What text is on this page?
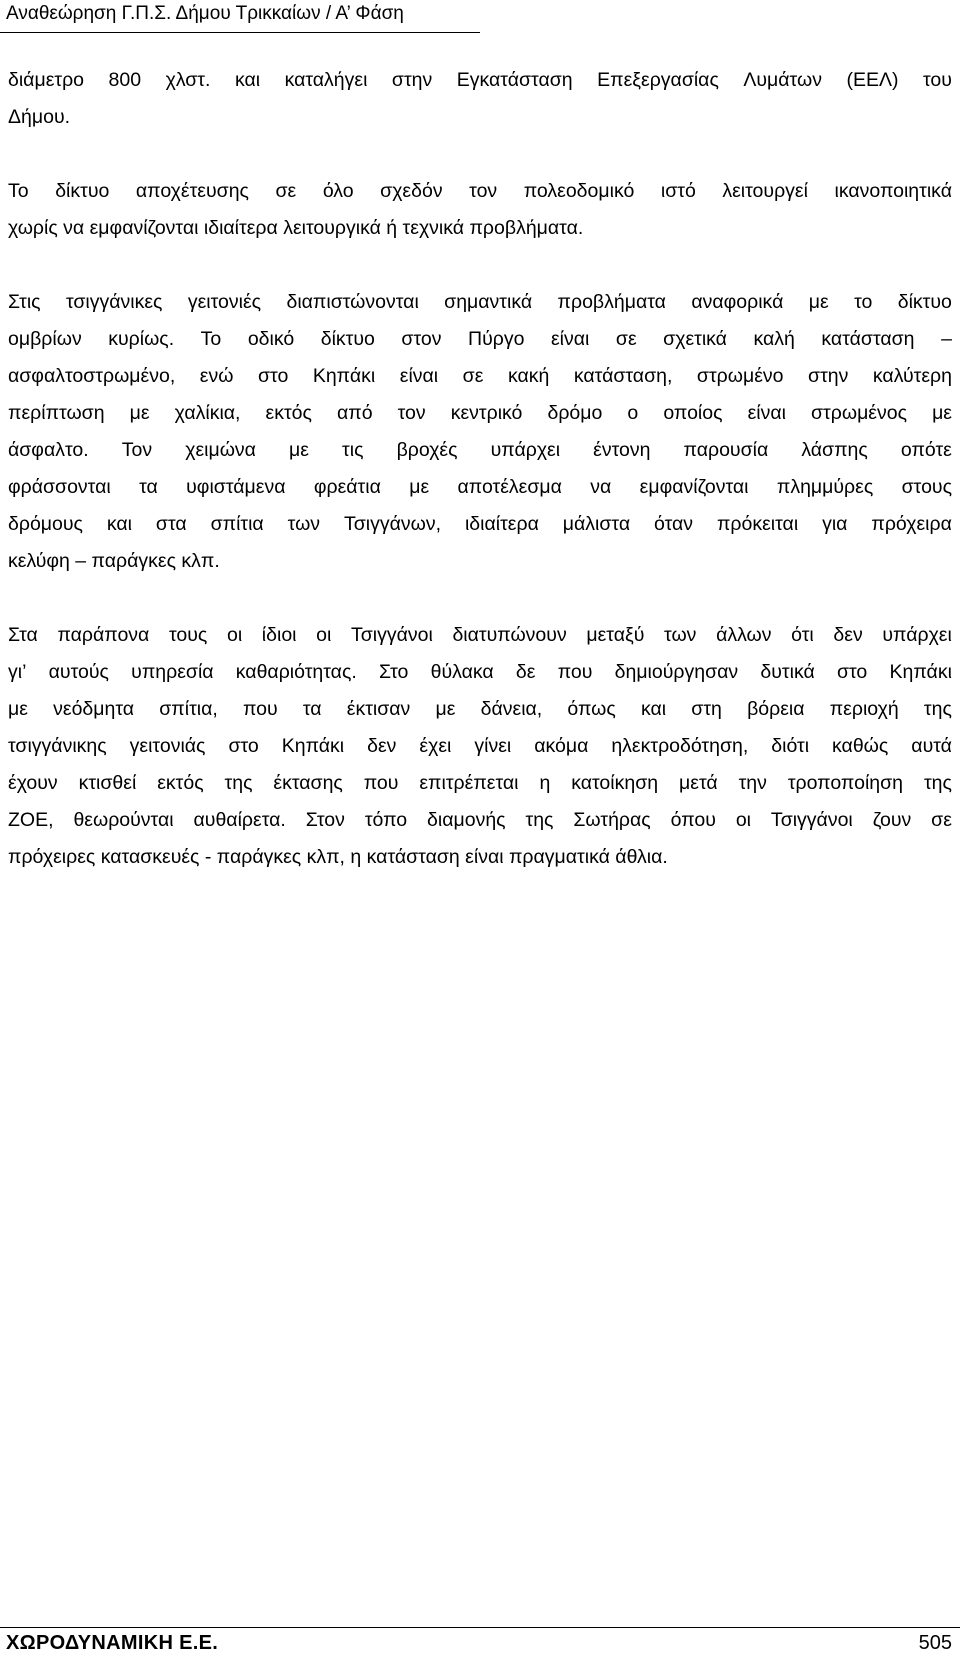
Αναθεώρηση Γ.Π.Σ. Δήμου Τρικκαίων / Α’ Φάση
διάμετρο 800 χλστ. και καταλήγει στην Εγκατάσταση Επεξεργασίας Λυμάτων (ΕΕΛ) του
Δήμου.
Το δίκτυο αποχέτευσης σε όλο σχεδόν τον πολεοδομικό ιστό λειτουργεί ικανοποιητικά
χωρίς να εμφανίζονται ιδιαίτερα λειτουργικά ή τεχνικά προβλήματα.
Στις τσιγγάνικες γειτονιές διαπιστώνονται σημαντικά προβλήματα αναφορικά με το δίκτυο
ομβρίων κυρίως. Το οδικό δίκτυο στον Πύργο είναι σε σχετικά καλή κατάσταση –
ασφαλτοστρωμένο, ενώ στο Κηπάκι είναι σε κακή κατάσταση, στρωμένο στην καλύτερη
περίπτωση με χαλίκια, εκτός από τον κεντρικό δρόμο ο οποίος είναι στρωμένος με
άσφαλτο. Τον χειμώνα με τις βροχές υπάρχει έντονη παρουσία λάσπης οπότε
φράσσονται τα υφιστάμενα φρεάτια με αποτέλεσμα να εμφανίζονται πλημμύρες στους
δρόμους και στα σπίτια των Τσιγγάνων, ιδιαίτερα μάλιστα όταν πρόκειται για πρόχειρα
κελύφη – παράγκες κλπ.
Στα παράπονα τους οι ίδιοι οι Τσιγγάνοι διατυπώνουν μεταξύ των άλλων ότι δεν υπάρχει
γι’ αυτούς υπηρεσία καθαριότητας. Στο θύλακα δε που δημιούργησαν δυτικά στο Κηπάκι
με νεόδμητα σπίτια, που τα έκτισαν με δάνεια, όπως και στη βόρεια περιοχή της
τσιγγάνικης γειτονιάς στο Κηπάκι δεν έχει γίνει ακόμα ηλεκτροδότηση, διότι καθώς αυτά
έχουν κτισθεί εκτός της έκτασης που επιτρέπεται η κατοίκηση μετά την τροποποίηση της
ΖΟΕ, θεωρούνται αυθαίρετα. Στον τόπο διαμονής της Σωτήρας όπου οι Τσιγγάνοι ζουν σε
πρόχειρες κατασκευές - παράγκες κλπ, η κατάσταση είναι πραγματικά άθλια.
ΧΩΡΟΔΥΝΑΜΙΚΗ Ε.Ε.	505
